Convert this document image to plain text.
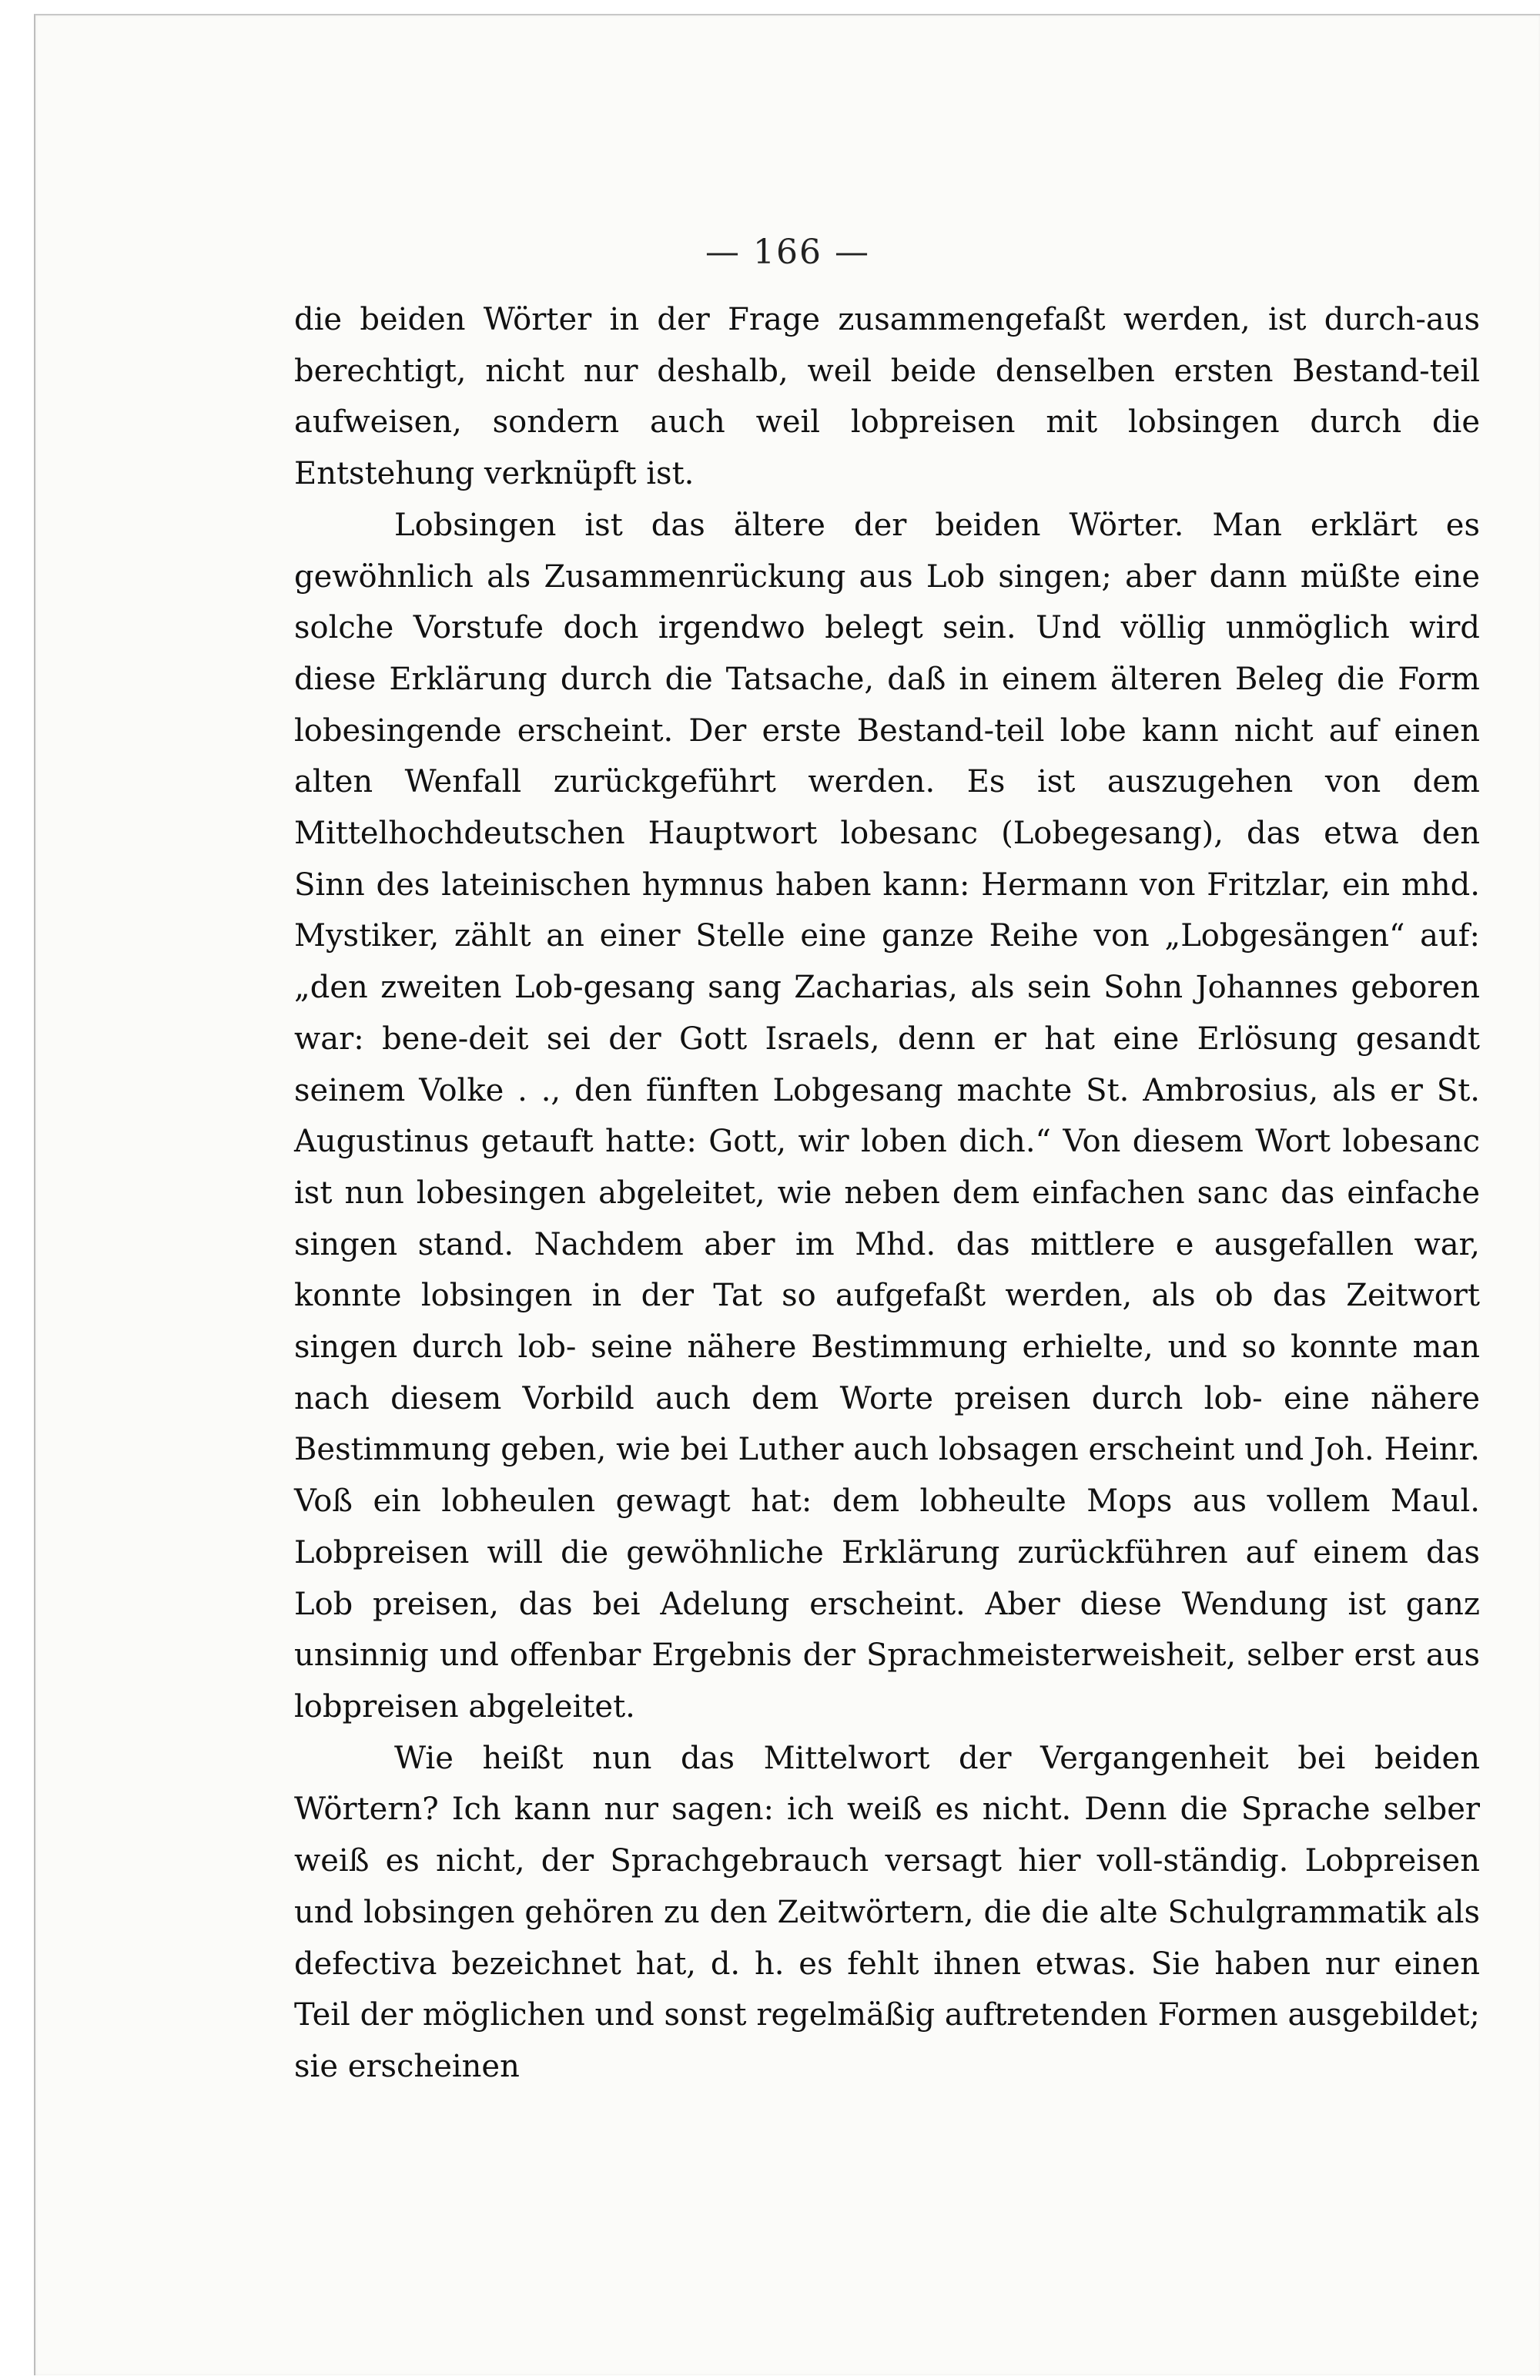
— 166 —

die beiden Wörter in der Frage zusammengefaßt werden, ist durch‑aus berechtigt, nicht nur deshalb, weil beide denselben ersten Bestand‑teil aufweisen, sondern auch weil lobpreisen mit lobsingen durch die Entstehung verknüpft ist.

Lobsingen ist das ältere der beiden Wörter. Man erklärt es gewöhnlich als Zusammenrückung aus Lob singen; aber dann müßte eine solche Vorstufe doch irgendwo belegt sein. Und völlig unmöglich wird diese Erklärung durch die Tatsache, daß in einem älteren Beleg die Form lobesingende erscheint. Der erste Bestand‑teil lobe kann nicht auf einen alten Wenfall zurückgeführt werden. Es ist auszugehen von dem Mittelhochdeutschen Hauptwort lobesanc (Lobegesang), das etwa den Sinn des lateinischen hymnus haben kann: Hermann von Fritzlar, ein mhd. Mystiker, zählt an einer Stelle eine ganze Reihe von „Lobgesängen“ auf: „den zweiten Lob‑gesang sang Zacharias, als sein Sohn Johannes geboren war: bene‑deit sei der Gott Israels, denn er hat eine Erlösung gesandt seinem Volke . ., den fünften Lobgesang machte St. Ambrosius, als er St. Augustinus getauft hatte: Gott, wir loben dich.“ Von diesem Wort lobesanc ist nun lobesingen abgeleitet, wie neben dem einfachen sanc das einfache singen stand. Nachdem aber im Mhd. das mittlere e ausgefallen war, konnte lobsingen in der Tat so aufgefaßt werden, als ob das Zeitwort singen durch lob‑ seine nähere Bestimmung erhielte, und so konnte man nach diesem Vorbild auch dem Worte preisen durch lob‑ eine nähere Bestimmung geben, wie bei Luther auch lobsagen erscheint und Joh. Heinr. Voß ein lobheulen gewagt hat: dem lobheulte Mops aus vollem Maul. Lobpreisen will die gewöhnliche Erklärung zurückführen auf einem das Lob preisen, das bei Adelung erscheint. Aber diese Wendung ist ganz unsinnig und offenbar Ergebnis der Sprachmeisterweisheit, selber erst aus lobpreisen abgeleitet.

Wie heißt nun das Mittelwort der Vergangenheit bei beiden Wörtern? Ich kann nur sagen: ich weiß es nicht. Denn die Sprache selber weiß es nicht, der Sprachgebrauch versagt hier voll‑ständig. Lobpreisen und lobsingen gehören zu den Zeitwörtern, die die alte Schulgrammatik als defectiva bezeichnet hat, d. h. es fehlt ihnen etwas. Sie haben nur einen Teil der möglichen und sonst regelmäßig auftretenden Formen ausgebildet; sie erscheinen
